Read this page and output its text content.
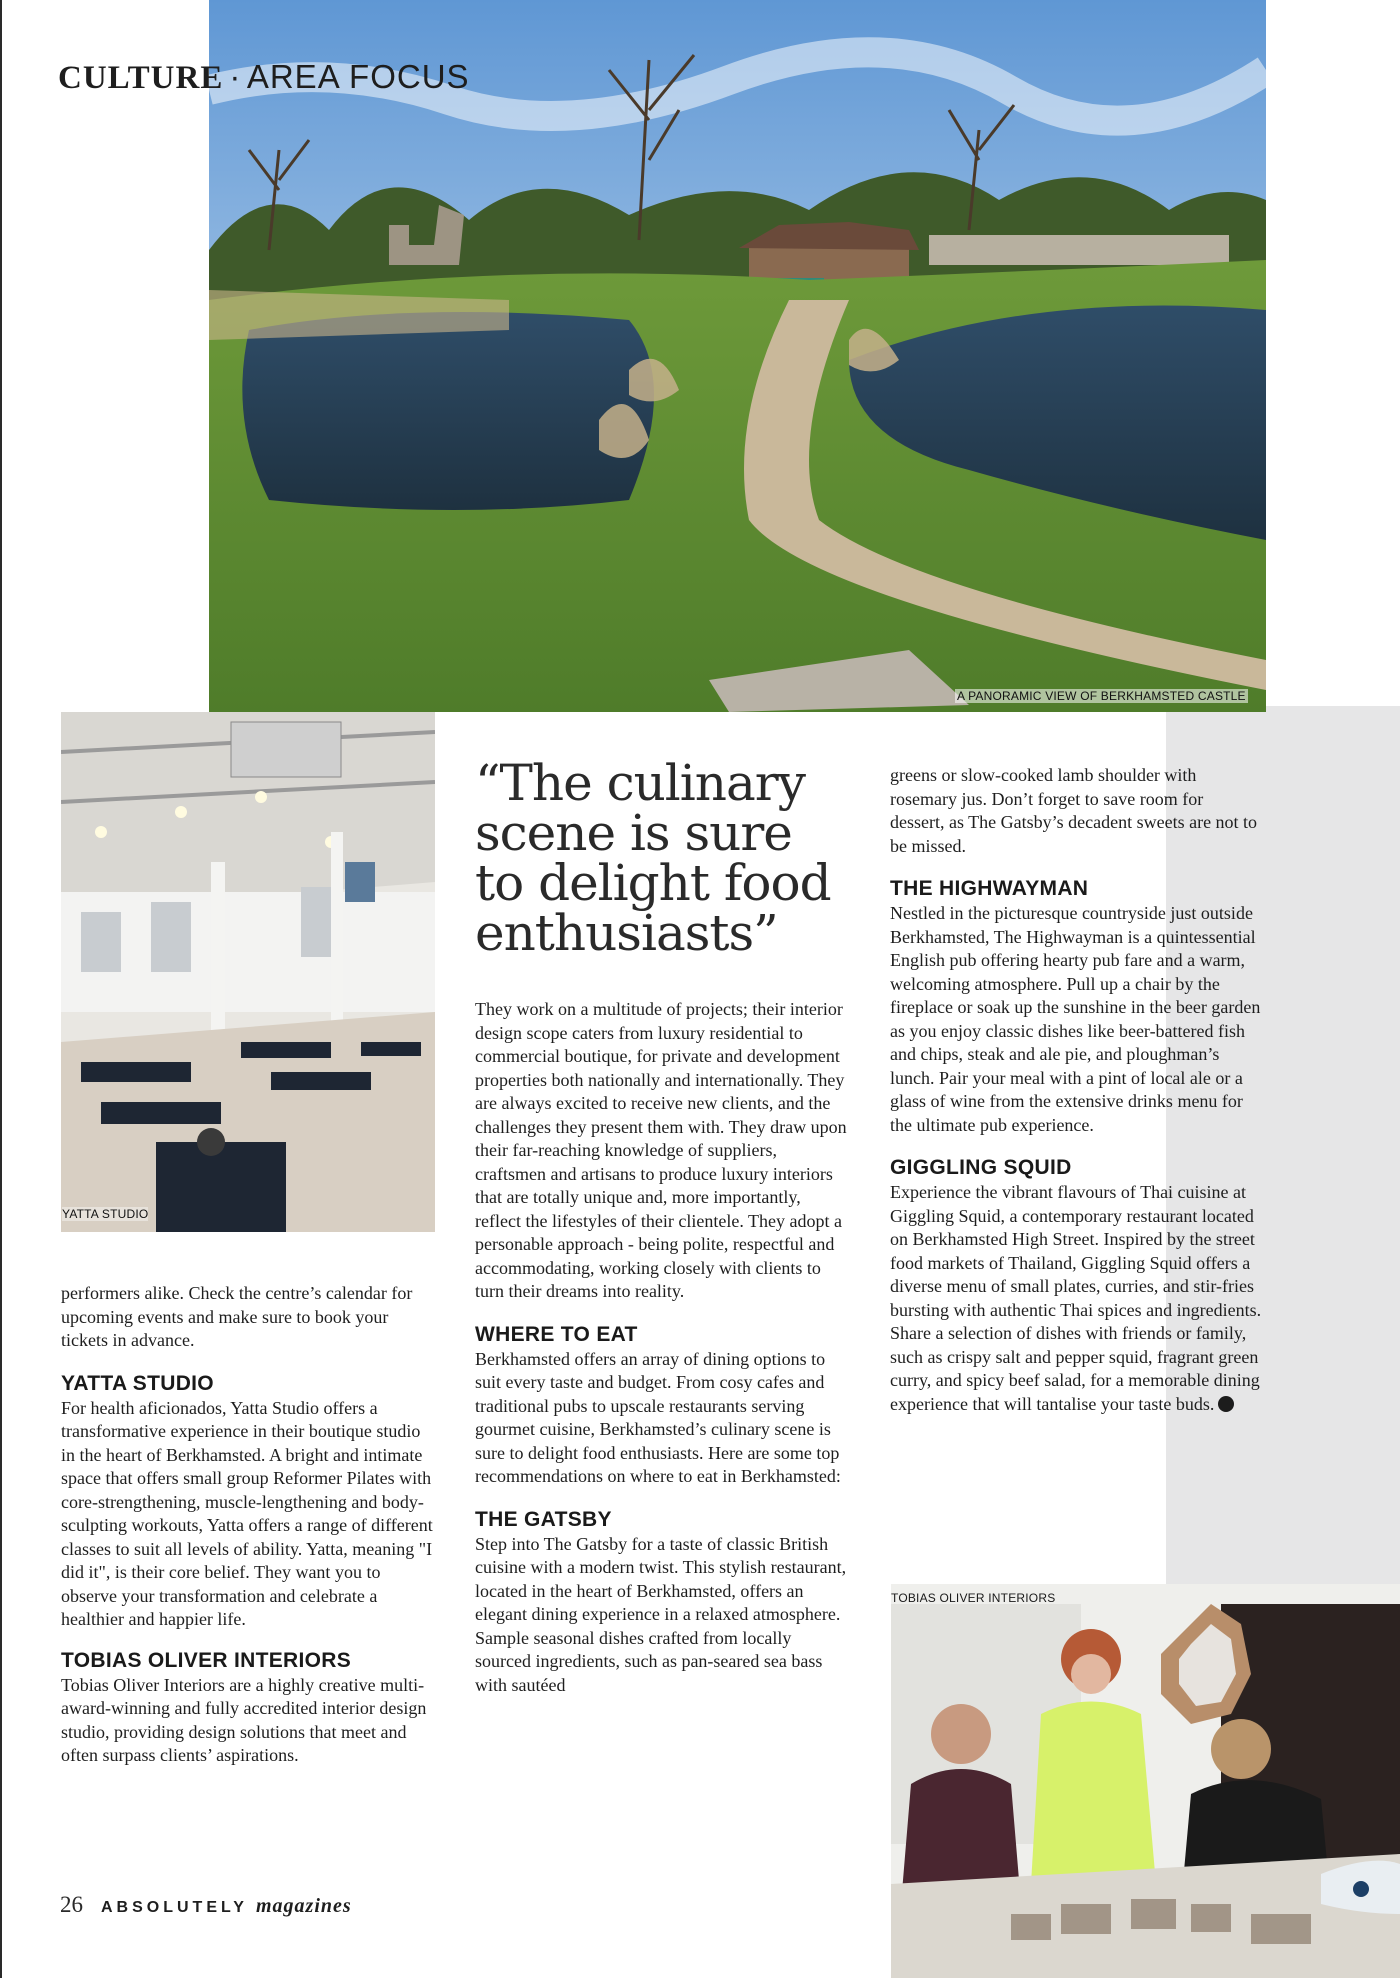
A PANORAMIC VIEW OF BERKHAMSTED CASTLE
CULTURE · AREA FOCUS
YATTA STUDIO
“The culinary scene is sure to delight food enthusiasts”

performers alike. Check the centre’s calendar for upcoming events and make sure to book your tickets in advance.

YATTA STUDIO

For health aficionados, Yatta Studio offers a transformative experience in their boutique studio in the heart of Berkhamsted. A bright and intimate space that offers small group Reformer Pilates with core-strengthening, muscle-lengthening and body-sculpting workouts, Yatta offers a range of different classes to suit all levels of ability. Yatta, meaning "I did it", is their core belief. They want you to observe your transformation and celebrate a healthier and happier life.

TOBIAS OLIVER INTERIORS

Tobias Oliver Interiors are a highly creative multi-award-winning and fully accredited interior design studio, providing design solutions that meet and often surpass clients’ aspirations.

They work on a multitude of projects; their interior design scope caters from luxury residential to commercial boutique, for private and development properties both nationally and internationally. They are always excited to receive new clients, and the challenges they present them with. They draw upon their far-reaching knowledge of suppliers, craftsmen and artisans to produce luxury interiors that are totally unique and, more importantly, reflect the lifestyles of their clientele. They adopt a personable approach - being polite, respectful and accommodating, working closely with clients to turn their dreams into reality.

WHERE TO EAT

Berkhamsted offers an array of dining options to suit every taste and budget. From cosy cafes and traditional pubs to upscale restaurants serving gourmet cuisine, Berkhamsted’s culinary scene is sure to delight food enthusiasts. Here are some top recommendations on where to eat in Berkhamsted:

THE GATSBY

Step into The Gatsby for a taste of classic British cuisine with a modern twist. This stylish restaurant, located in the heart of Berkhamsted, offers an elegant dining experience in a relaxed atmosphere. Sample seasonal dishes crafted from locally sourced ingredients, such as pan-seared sea bass with sautéed

greens or slow-cooked lamb shoulder with rosemary jus. Don’t forget to save room for dessert, as The Gatsby’s decadent sweets are not to be missed.

THE HIGHWAYMAN

Nestled in the picturesque countryside just outside Berkhamsted, The Highwayman is a quintessential English pub offering hearty pub fare and a warm, welcoming atmosphere. Pull up a chair by the fireplace or soak up the sunshine in the beer garden as you enjoy classic dishes like beer-battered fish and chips, steak and ale pie, and ploughman’s lunch. Pair your meal with a pint of local ale or a glass of wine from the extensive drinks menu for the ultimate pub experience.

GIGGLING SQUID

Experience the vibrant flavours of Thai cuisine at Giggling Squid, a contemporary restaurant located on Berkhamsted High Street. Inspired by the street food markets of Thailand, Giggling Squid offers a diverse menu of small plates, curries, and stir-fries bursting with authentic Thai spices and ingredients. Share a selection of dishes with friends or family, such as crispy salt and pepper squid, fragrant green curry, and spicy beef salad, for a memorable dining experience that will tantalise your taste buds.

TOBIAS OLIVER INTERIORS
26 ABSOLUTELY magazines
